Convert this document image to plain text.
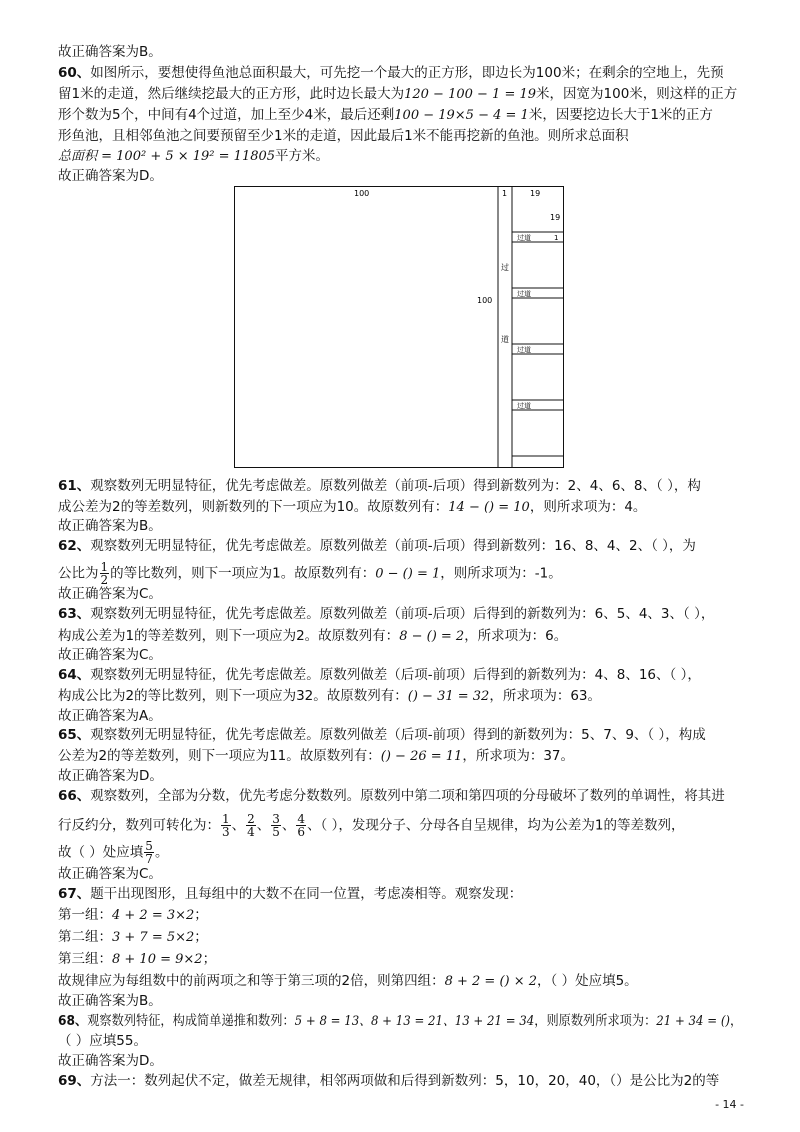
故正确答案为B。
60、如图所示，要想使得鱼池总面积最大，可先挖一个最大的正方形，即边长为100米；在剩余的空地上，先预
留1米的走道，然后继续挖最大的正方形，此时边长最大为120 − 100 − 1 = 19米，因宽为100米，则这样的正方
形个数为5个，中间有4个过道，加上至少4米，最后还剩100 − 19×5 − 4 = 1米，因要挖边长大于1米的正方
形鱼池，且相邻鱼池之间要预留至少1米的走道，因此最后1米不能再挖新的鱼池。则所求总面积
总面积 = 100² + 5 × 19² = 11805平方米。
故正确答案为D。
100
100
1	19
19
过
道
过道	1
过道
过道
过道
61、观察数列无明显特征，优先考虑做差。原数列做差（前项-后项）得到新数列为：2、4、6、8、（ ），构
成公差为2的等差数列，则新数列的下一项应为10。故原数列有：14 − () = 10，则所求项为：4。
故正确答案为B。
62、观察数列无明显特征，优先考虑做差。原数列做差（前项-后项）得到新数列：16、8、4、2、（ ），为
公比为 $\frac{1}{2}$ 的等比数列，则下一项应为1。故原数列有：0 − () = 1，则所求项为：-1。
故正确答案为C。
63、观察数列无明显特征，优先考虑做差。原数列做差（前项-后项）后得到的新数列为：6、5、4、3、（ ），
构成公差为1的等差数列，则下一项应为2。故原数列有：8 − () = 2，所求项为：6。
故正确答案为C。
64、观察数列无明显特征，优先考虑做差。原数列做差（后项-前项）后得到的新数列为：4、8、16、（ ），
构成公比为2的等比数列，则下一项应为32。故原数列有：() − 31 = 32，所求项为：63。
故正确答案为A。
65、观察数列无明显特征，优先考虑做差。原数列做差（后项-前项）得到的新数列为：5、7、9、（ ），构成
公差为2的等差数列，则下一项应为11。故原数列有：() − 26 = 11，所求项为：37。
故正确答案为D。
66、观察数列，全部为分数，优先考虑分数数列。原数列中第二项和第四项的分母破坏了数列的单调性，将其进
行反约分，数列可转化为： $\frac{1}{3}$ 、 $\frac{2}{4}$ 、 $\frac{3}{5}$ 、 $\frac{4}{6}$ 、（ ），发现分子、分母各自呈规律，均为公差为1的等差数列，
故（ ）处应填 $\frac{5}{7}$ 。
故正确答案为C。
67、题干出现图形，且每组中的大数不在同一位置，考虑凑相等。观察发现：
第一组：4 + 2 = 3×2；
第二组：3 + 7 = 5×2；
第三组：8 + 10 = 9×2；
故规律应为每组数中的前两项之和等于第三项的2倍，则第四组：8 + 2 = () × 2，（ ）处应填5。
故正确答案为B。
68、观察数列特征，构成简单递推和数列：5 + 8 = 13、8 + 13 = 21、13 + 21 = 34，则原数列所求项为：21 + 34 = ()，
（ ）应填55。
故正确答案为D。
69、方法一：数列起伏不定，做差无规律，相邻两项做和后得到新数列：5，10，20，40，（）是公比为2的等
- 14 -
